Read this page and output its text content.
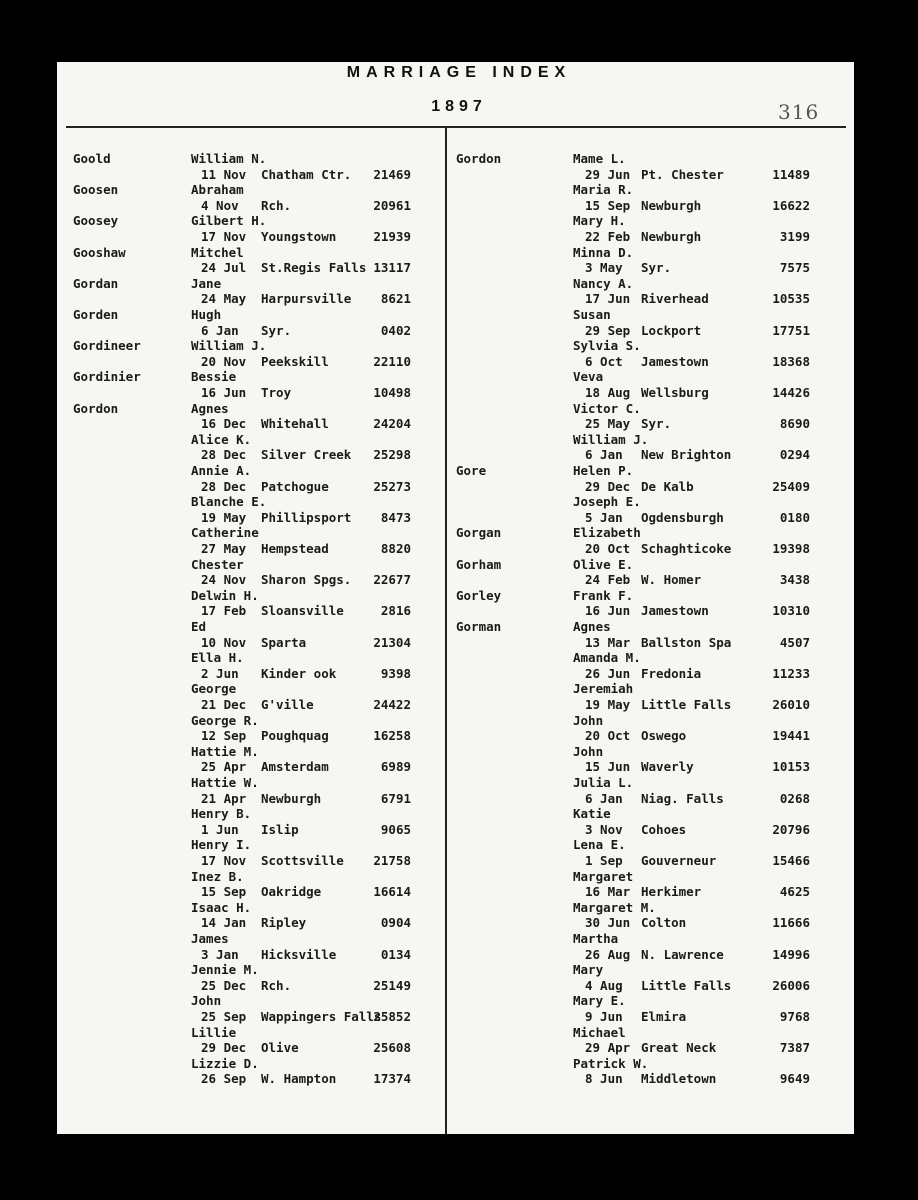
MARRIAGE INDEX
1897	316
Goold	William N.
11 Nov Chatham Ctr.	21469
Goosen	Abraham
4 Nov Rch.	20961
Goosey	Gilbert H.
17 Nov Youngstown	21939
Gooshaw	Mitchel
24 Jul St.Regis Falls 13117
Gordan	Jane
24 May Harpursville	8621
Gorden	Hugh
6 Jan Syr.	0402
Gordineer	William J.
20 Nov Peekskill	22110
Gordinier	Bessie
16 Jun Troy	10498
Gordon	Agnes
16 Dec Whitehall	24204
Alice K.
28 Dec Silver Creek	25298
Annie A.
28 Dec Patchogue	25273
Blanche E.
19 May Phillipsport	8473
Catherine
27 May Hempstead	8820
Chester
24 Nov Sharon Spgs.	22677
Delwin H.
17 Feb Sloansville	2816
Ed
10 Nov Sparta	21304
Ella H.
2 Jun Kinder ook	9398
George
21 Dec G'ville	24422
George R.
12 Sep Poughquag	16258
Hattie M.
25 Apr Amsterdam	6989
Hattie W.
21 Apr Newburgh	6791
Henry B.
1 Jun Islip	9065
Henry I.
17 Nov Scottsville	21758
Inez B.
15 Sep Oakridge	16614
Isaac H.
14 Jan Ripley	0904
James
3 Jan Hicksville	0134
Jennie M.
25 Dec Rch.	25149
John
25 Sep Wappingers Falls
25852
Lillie
29 Dec Olive	25608
Lizzie D.
26 Sep W. Hampton	17374
Gordon	Mame L.
29 Jun Pt. Chester	11489
Maria R.
15 Sep Newburgh	16622
Mary H.
22 Feb Newburgh	3199
Minna D.
3 May Syr.	7575
Nancy A.
17 Jun Riverhead	10535
Susan
29 Sep Lockport	17751
Sylvia S.
6 Oct Jamestown	18368
Veva
18 Aug Wellsburg	14426
Victor C.
25 May Syr.	8690
William J.
6 Jan New Brighton	0294
Gore	Helen P.
29 Dec De Kalb	25409
Joseph E.
5 Jan Ogdensburgh	0180
Gorgan	Elizabeth
20 Oct Schaghticoke	19398
Gorham	Olive E.
24 Feb W. Homer	3438
Gorley	Frank F.
16 Jun Jamestown	10310
Gorman	Agnes
13 Mar Ballston Spa	4507
Amanda M.
26 Jun Fredonia	11233
Jeremiah
19 May Little Falls	26010
John
20 Oct Oswego	19441
John
15 Jun Waverly	10153
Julia L.
6 Jan Niag. Falls	0268
Katie
3 Nov Cohoes	20796
Lena E.
1 Sep Gouverneur	15466
Margaret
16 Mar Herkimer	4625
Margaret M.
30 Jun Colton	11666
Martha
26 Aug N. Lawrence	14996
Mary
4 Aug Little Falls	26006
Mary E.
9 Jun Elmira	9768
Michael
29 Apr Great Neck	7387
Patrick W.
8 Jun Middletown	9649
